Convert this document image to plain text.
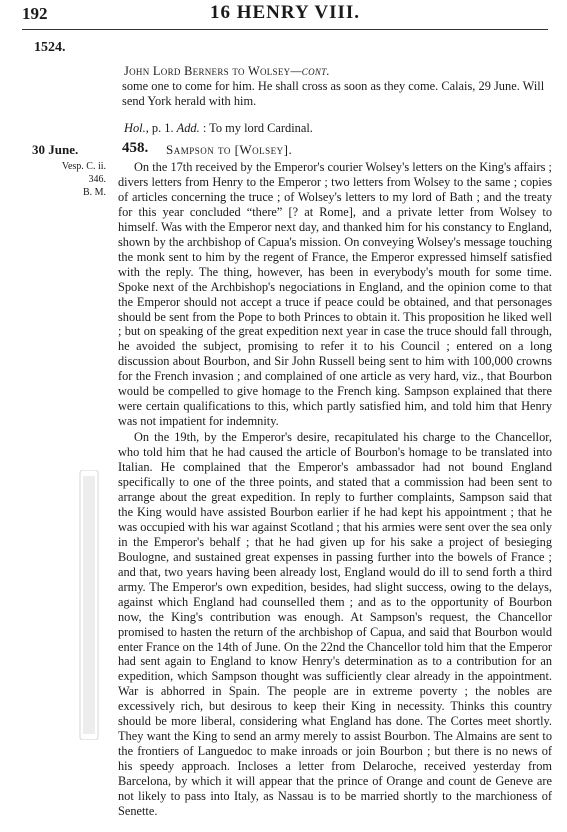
192	16 HENRY VIII.
1524.
John Lord Berners to Wolsey—cont.
some one to come for him. He shall cross as soon as they come. Calais, 29 June. Will send York herald with him.
Hol., p. 1. Add. : To my lord Cardinal.
30 June.
Vesp. C. ii.
346.
B. M.
458. Sampson to [Wolsey].

On the 17th received by the Emperor's courier Wolsey's letters on the King's affairs ; divers letters from Henry to the Emperor ; two letters from Wolsey to the same ; copies of articles concerning the truce ; of Wolsey's letters to my lord of Bath ; and the treaty for this year concluded “there” [? at Rome], and a private letter from Wolsey to himself. Was with the Emperor next day, and thanked him for his constancy to England, shown by the archbishop of Capua's mission. On conveying Wolsey's message touching the monk sent to him by the regent of France, the Emperor expressed himself satisfied with the reply. The thing, however, has been in everybody's mouth for some time. Spoke next of the Archbishop's negociations in England, and the opinion come to that the Emperor should not accept a truce if peace could be obtained, and that personages should be sent from the Pope to both Princes to obtain it. This proposition he liked well ; but on speaking of the great expedition next year in case the truce should fall through, he avoided the subject, promising to refer it to his Council ; entered on a long discussion about Bourbon, and Sir John Russell being sent to him with 100,000 crowns for the French invasion ; and complained of one article as very hard, viz., that Bourbon would be compelled to give homage to the French king. Sampson explained that there were certain qualifications to this, which partly satisfied him, and told him that Henry was not impatient for indemnity.

On the 19th, by the Emperor's desire, recapitulated his charge to the Chancellor, who told him that he had caused the article of Bourbon's homage to be translated into Italian. He complained that the Emperor's ambassador had not bound England specifically to one of the three points, and stated that a commission had been sent to arrange about the great expedition. In reply to further complaints, Sampson said that the King would have assisted Bourbon earlier if he had kept his appointment ; that he was occupied with his war against Scotland ; that his armies were sent over the sea only in the Emperor's behalf ; that he had given up for his sake a project of besieging Boulogne, and sustained great expenses in passing further into the bowels of France ; and that, two years having been already lost, England would do ill to send forth a third army. The Emperor's own expedition, besides, had slight success, owing to the delays, against which England had counselled them ; and as to the opportunity of Bourbon now, the King's contribution was enough. At Sampson's request, the Chancellor promised to hasten the return of the archbishop of Capua, and said that Bourbon would enter France on the 14th of June. On the 22nd the Chancellor told him that the Emperor had sent again to England to know Henry's determination as to a contribution for an expedition, which Sampson thought was sufficiently clear already in the appointment. War is abhorred in Spain. The people are in extreme poverty ; the nobles are excessively rich, but desirous to keep their King in necessity. Thinks this country should be more liberal, considering what England has done. The Cortes meet shortly. They want the King to send an army merely to assist Bourbon. The Almains are sent to the frontiers of Languedoc to make inroads or join Bourbon ; but there is no news of his speedy approach. Incloses a letter from Delaroche, received yesterday from Barcelona, by which it will appear that the prince of Orange and count de Geneve are not likely to pass into Italy, as Nassau is to be married shortly to the marchioness of Senette.
